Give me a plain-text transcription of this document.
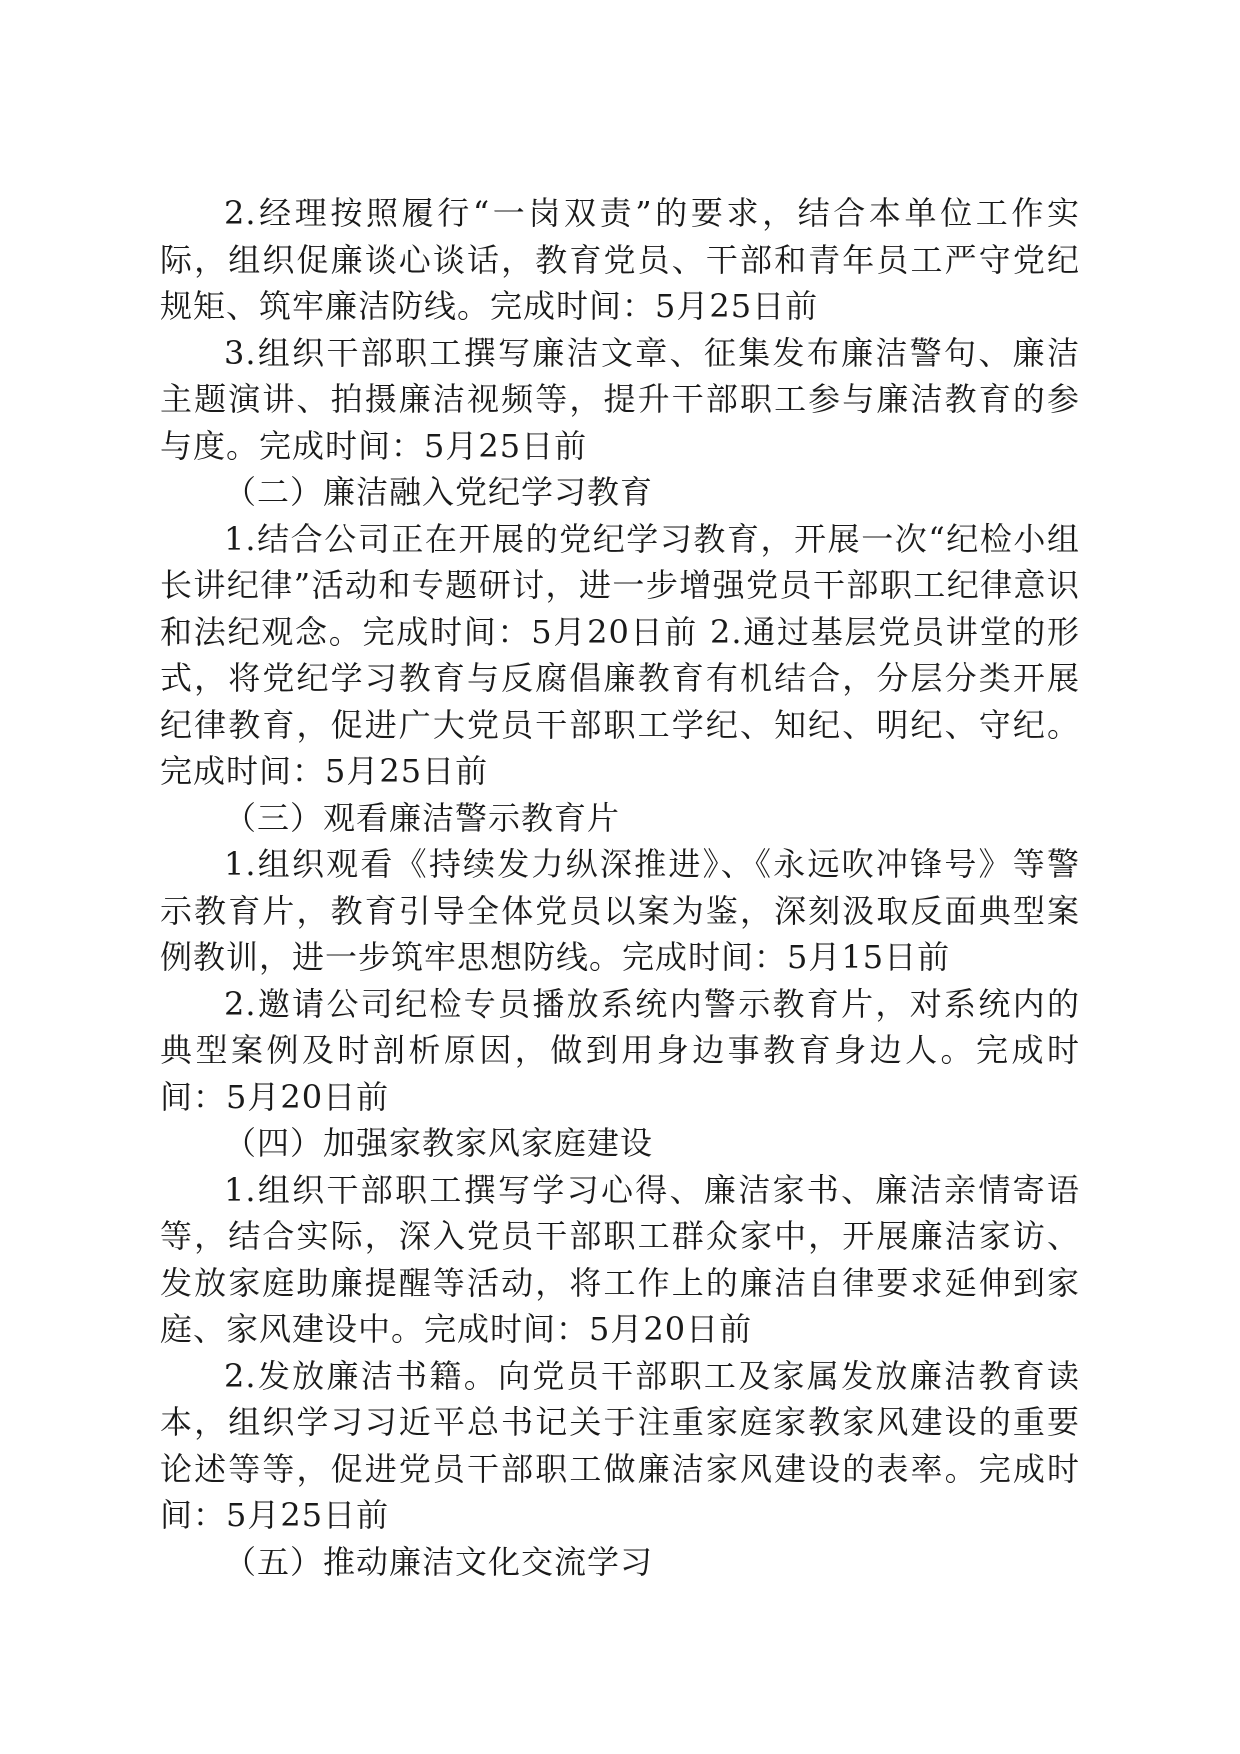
2.经理按照履行“一岗双责”的要求，结合本单位工作实际，组织促廉谈心谈话，教育党员、干部和青年员工严守党纪规矩、筑牢廉洁防线。完成时间：5月25日前

3.组织干部职工撰写廉洁文章、征集发布廉洁警句、廉洁主题演讲、拍摄廉洁视频等，提升干部职工参与廉洁教育的参与度。完成时间：5月25日前

（二）廉洁融入党纪学习教育

1.结合公司正在开展的党纪学习教育，开展一次“纪检小组长讲纪律”活动和专题研讨，进一步增强党员干部职工纪律意识和法纪观念。完成时间：5月20日前 2.通过基层党员讲堂的形式，将党纪学习教育与反腐倡廉教育有机结合，分层分类开展纪律教育，促进广大党员干部职工学纪、知纪、明纪、守纪。完成时间：5月25日前

（三）观看廉洁警示教育片

1.组织观看《持续发力纵深推进》、《永远吹冲锋号》等警示教育片，教育引导全体党员以案为鉴，深刻汲取反面典型案例教训，进一步筑牢思想防线。完成时间：5月15日前

2.邀请公司纪检专员播放系统内警示教育片，对系统内的典型案例及时剖析原因，做到用身边事教育身边人。完成时间：5月20日前

（四）加强家教家风家庭建设

1.组织干部职工撰写学习心得、廉洁家书、廉洁亲情寄语等，结合实际，深入党员干部职工群众家中，开展廉洁家访、发放家庭助廉提醒等活动，将工作上的廉洁自律要求延伸到家庭、家风建设中。完成时间：5月20日前

2.发放廉洁书籍。向党员干部职工及家属发放廉洁教育读本，组织学习习近平总书记关于注重家庭家教家风建设的重要论述等等，促进党员干部职工做廉洁家风建设的表率。完成时间：5月25日前

（五）推动廉洁文化交流学习
